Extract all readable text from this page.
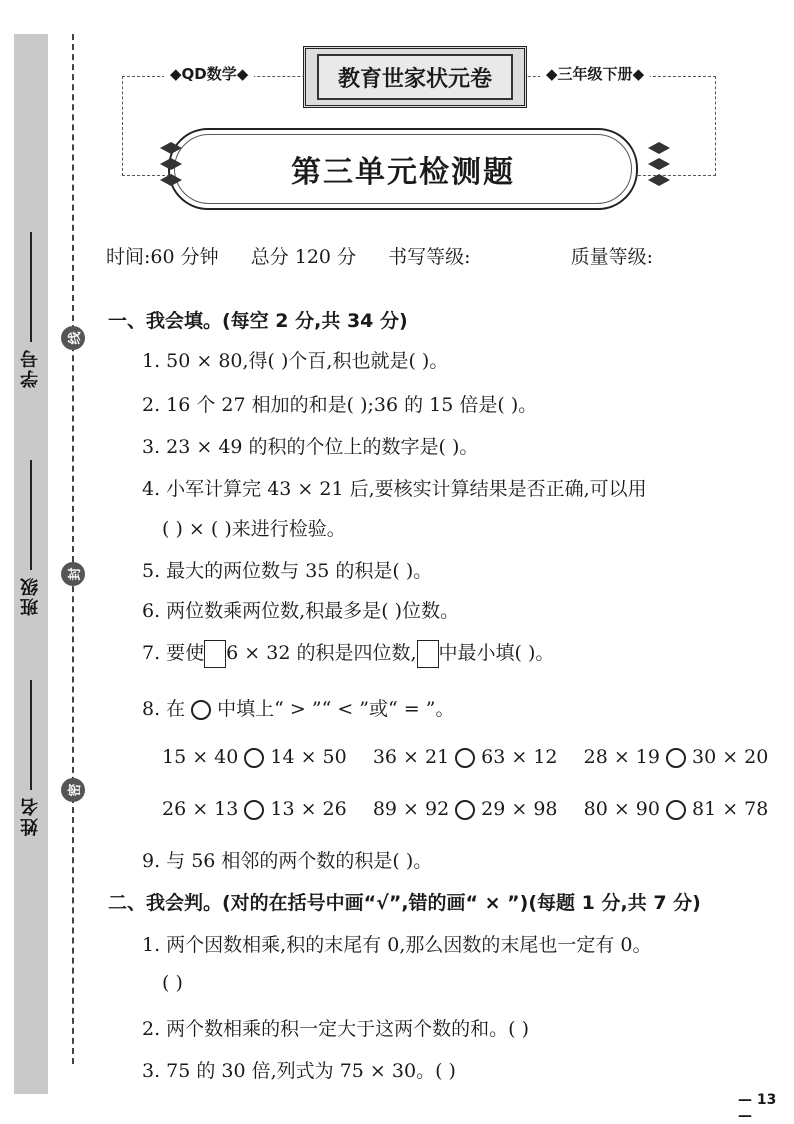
学号
班级
姓名
线
封
密
◆QD数学◆	◆三年级下册◆
教育世家状元卷
第三单元检测题
时间:60 分钟 总分 120 分 书写等级:	质量等级:
一、我会填。(每空 2 分,共 34 分)
1. 50 × 80,得( )个百,积也就是( )。
2. 16 个 27 相加的和是( );36 的 15 倍是( )。
3. 23 × 49 的积的个位上的数字是( )。
4. 小军计算完 43 × 21 后,要核实计算结果是否正确,可以用
( ) × ( )来进行检验。
5. 最大的两位数与 35 的积是( )。
6. 两位数乘两位数,积最多是( )位数。
7. 要使 6 × 32 的积是四位数, 中最小填( )。
8. 在 中填上“ > ”“ < ”或“ = ”。
15 × 40 14 × 50 36 × 21 63 × 12 28 × 19 30 × 20
26 × 13 13 × 26 89 × 92 29 × 98 80 × 90 81 × 78
9. 与 56 相邻的两个数的积是( )。
二、我会判。(对的在括号中画“√”,错的画“ × ”)(每题 1 分,共 7 分)
1. 两个因数相乘,积的末尾有 0,那么因数的末尾也一定有 0。
( )
2. 两个数相乘的积一定大于这两个数的和。( )
3. 75 的 30 倍,列式为 75 × 30。( )
— 13 —
